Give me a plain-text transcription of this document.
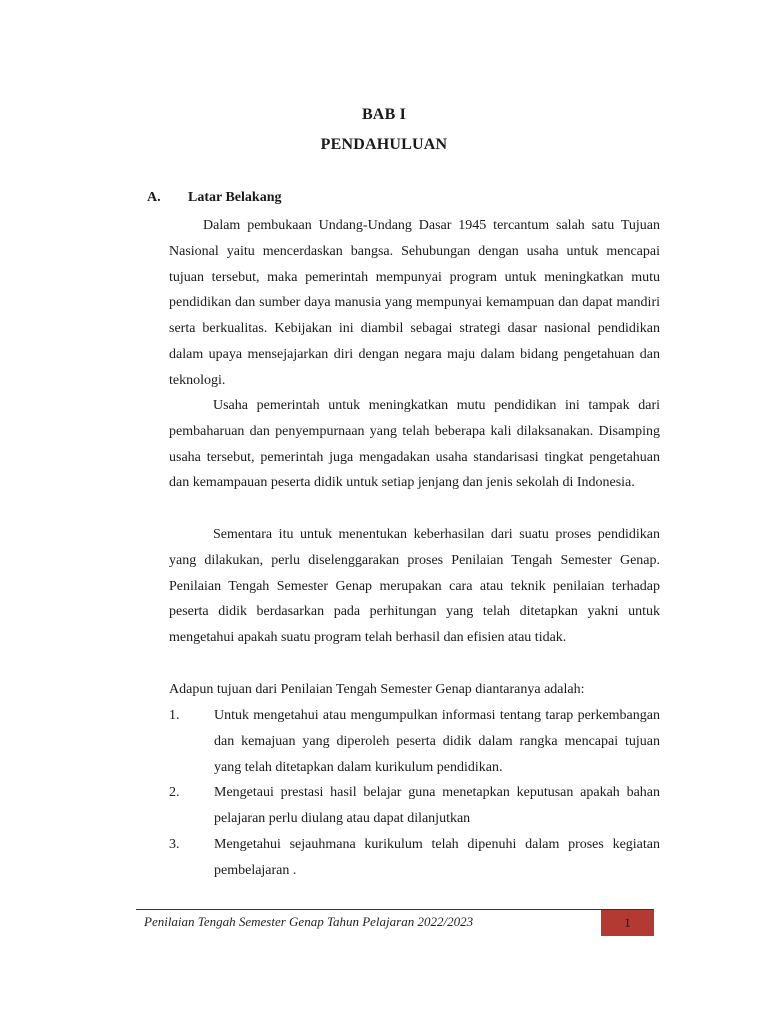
BAB I
PENDAHULUAN
A. Latar Belakang

Dalam pembukaan Undang-Undang Dasar 1945 tercantum salah satu Tujuan Nasional yaitu mencerdaskan bangsa. Sehubungan dengan usaha untuk mencapai tujuan tersebut, maka pemerintah mempunyai program untuk meningkatkan mutu pendidikan dan sumber daya manusia yang mempunyai kemampuan dan dapat mandiri serta berkualitas. Kebijakan ini diambil sebagai strategi dasar nasional pendidikan dalam upaya mensejajarkan diri dengan negara maju dalam bidang pengetahuan dan teknologi.

Usaha pemerintah untuk meningkatkan mutu pendidikan ini tampak dari pembaharuan dan penyempurnaan yang telah beberapa kali dilaksanakan. Disamping usaha tersebut, pemerintah juga mengadakan usaha standarisasi tingkat pengetahuan dan kemampauan peserta didik untuk setiap jenjang dan jenis sekolah di Indonesia.

Sementara itu untuk menentukan keberhasilan dari suatu proses pendidikan yang dilakukan, perlu diselenggarakan proses Penilaian Tengah Semester Genap. Penilaian Tengah Semester Genap merupakan cara atau teknik penilaian terhadap peserta didik berdasarkan pada perhitungan yang telah ditetapkan yakni untuk mengetahui apakah suatu program telah berhasil dan efisien atau tidak.

Adapun tujuan dari Penilaian Tengah Semester Genap diantaranya adalah:

1.	Untuk mengetahui atau mengumpulkan informasi tentang tarap perkembangan dan kemajuan yang diperoleh peserta didik dalam rangka mencapai tujuan yang telah ditetapkan dalam kurikulum pendidikan.
2.	Mengetaui prestasi hasil belajar guna menetapkan keputusan apakah bahan pelajaran perlu diulang atau dapat dilanjutkan
3.	Mengetahui sejauhmana kurikulum telah dipenuhi dalam proses kegiatan pembelajaran .
Penilaian Tengah Semester Genap Tahun Pelajaran 2022/2023	1
